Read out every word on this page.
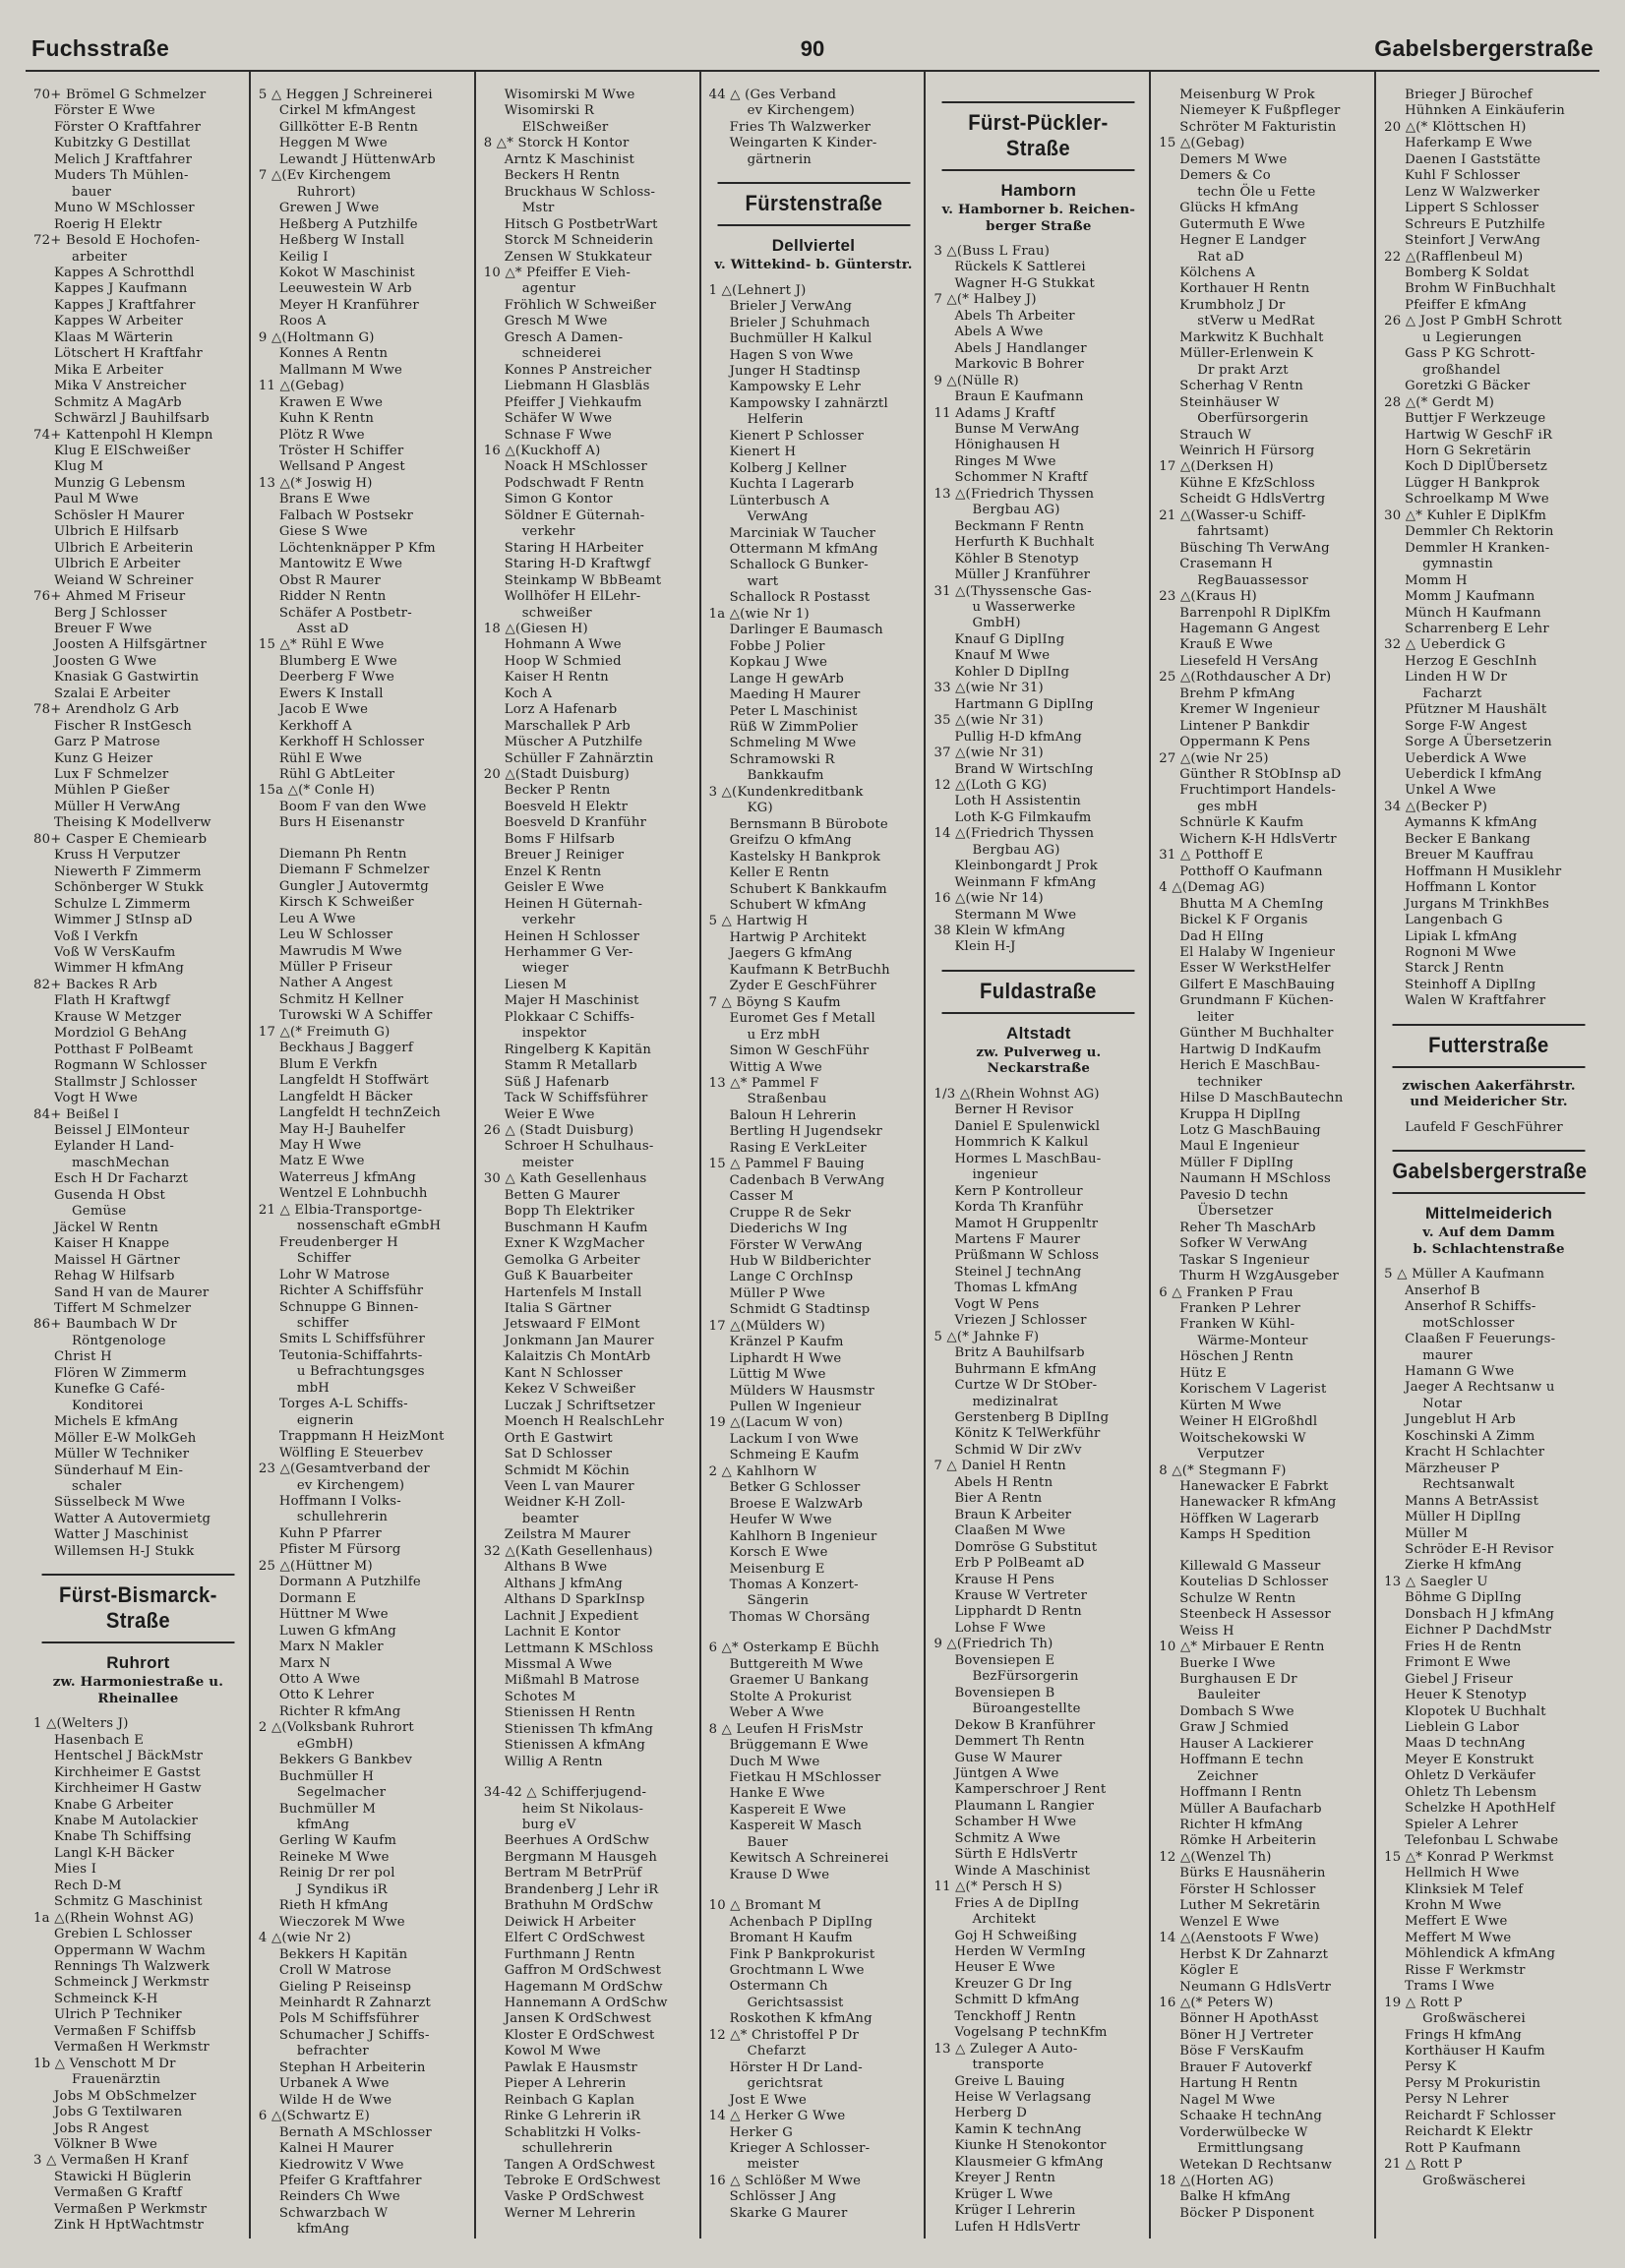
Fuchsstraße	90	Gabelsbergerstraße
70+ Brömel G Schmelzer
Förster E Wwe
Förster O Kraftfahrer
Kubitzky G Destillat
Melich J Kraftfahrer
Muders Th Mühlen-
bauer
Muno W MSchlosser
Roerig H Elektr
72+ Besold E Hochofen-
arbeiter
Kappes A Schrotthdl
Kappes J Kaufmann
Kappes J Kraftfahrer
Kappes W Arbeiter
Klaas M Wärterin
Lötschert H Kraftfahr
Mika E Arbeiter
Mika V Anstreicher
Schmitz A MagArb
Schwärzl J Bauhilfsarb
74+ Kattenpohl H Klempn
Klug E ElSchweißer
Klug M
Munzig G Lebensm
Paul M Wwe
Schösler H Maurer
Ulbrich E Hilfsarb
Ulbrich E Arbeiterin
Ulbrich E Arbeiter
Weiand W Schreiner
76+ Ahmed M Friseur
Berg J Schlosser
Breuer F Wwe
Joosten A Hilfsgärtner
Joosten G Wwe
Knasiak G Gastwirtin
Szalai E Arbeiter
78+ Arendholz G Arb
Fischer R InstGesch
Garz P Matrose
Kunz G Heizer
Lux F Schmelzer
Mühlen P Gießer
Müller H VerwAng
Theising K Modellverw
80+ Casper E Chemiearb
Kruss H Verputzer
Niewerth F Zimmerm
Schönberger W Stukk
Schulze L Zimmerm
Wimmer J StInsp aD
Voß I Verkfn
Voß W VersKaufm
Wimmer H kfmAng
82+ Backes R Arb
Flath H Kraftwgf
Krause W Metzger
Mordziol G BehAng
Potthast F PolBeamt
Rogmann W Schlosser
Stallmstr J Schlosser
Vogt H Wwe
84+ Beißel I
Beissel J ElMonteur
Eylander H Land-
maschMechan
Esch H Dr Facharzt
Gusenda H Obst
Gemüse
Jäckel W Rentn
Kaiser H Knappe
Maissel H Gärtner
Rehag W Hilfsarb
Sand H van de Maurer
Tiffert M Schmelzer
86+ Baumbach W Dr
Röntgenologe
Christ H
Flören W Zimmerm
Kunefke G Café-
Konditorei
Michels E kfmAng
Möller E-W MolkGeh
Müller W Techniker
Sünderhauf M Ein-
schaler
Süsselbeck M Wwe
Watter A Autovermietg
Watter J Maschinist
Willemsen H-J Stukk
Fürst-Bismarck-Straße
Ruhrort
zw. Harmoniestraße u.
Rheinallee
1 △(Welters J)
Hasenbach E
Hentschel J BäckMstr
Kirchheimer E Gastst
Kirchheimer H Gastw
Knabe G Arbeiter
Knabe M Autolackier
Knabe Th Schiffsing
Langl K-H Bäcker
Mies I
Rech D-M
Schmitz G Maschinist
1a △(Rhein Wohnst AG)
Grebien L Schlosser
Oppermann W Wachm
Rennings Th Walzwerk
Schmeinck J Werkmstr
Schmeinck K-H
Ulrich P Techniker
Vermaßen F Schiffsb
Vermaßen H Werkmstr
1b △ Venschott M Dr
Frauenärztin
Jobs M ObSchmelzer
Jobs G Textilwaren
Jobs R Angest
Völkner B Wwe
3 △ Vermaßen H Kranf
Stawicki H Büglerin
Vermaßen G Kraftf
Vermaßen P Werkmstr
Zink H HptWachtmstr
5 △ Heggen J Schreinerei
Cirkel M kfmAngest
Gillkötter E-B Rentn
Heggen M Wwe
Lewandt J HüttenwArb
7 △(Ev Kirchengem
Ruhrort)
Grewen J Wwe
Heßberg A Putzhilfe
Heßberg W Install
Keilig I
Kokot W Maschinist
Leeuwestein W Arb
Meyer H Kranführer
Roos A
9 △(Holtmann G)
Konnes A Rentn
Mallmann M Wwe
11 △(Gebag)
Krawen E Wwe
Kuhn K Rentn
Plötz R Wwe
Tröster H Schiffer
Wellsand P Angest
13 △(* Joswig H)
Brans E Wwe
Falbach W Postsekr
Giese S Wwe
Löchtenknäpper P Kfm
Mantowitz E Wwe
Obst R Maurer
Ridder N Rentn
Schäfer A Postbetr-
Asst aD
15 △* Rühl E Wwe
Blumberg E Wwe
Deerberg F Wwe
Ewers K Install
Jacob E Wwe
Kerkhoff A
Kerkhoff H Schlosser
Rühl E Wwe
Rühl G AbtLeiter
15a △(* Conle H)
Boom F van den Wwe
Burs H Eisenanstr
Diemann Ph Rentn
Diemann F Schmelzer
Gungler J Autovermtg
Kirsch K Schweißer
Leu A Wwe
Leu W Schlosser
Mawrudis M Wwe
Müller P Friseur
Nather A Angest
Schmitz H Kellner
Turowski W A Schiffer
17 △(* Freimuth G)
Beckhaus J Baggerf
Blum E Verkfn
Langfeldt H Stoffwärt
Langfeldt H Bäcker
Langfeldt H technZeich
May H-J Bauhelfer
May H Wwe
Matz E Wwe
Waterreus J kfmAng
Wentzel E Lohnbuchh
21 △ Elbia-Transportge-
nossenschaft eGmbH
Freudenberger H
Schiffer
Lohr W Matrose
Richter A Schiffsführ
Schnuppe G Binnen-
schiffer
Smits L Schiffsführer
Teutonia-Schiffahrts-
u Befrachtungsges
mbH
Torges A-L Schiffs-
eignerin
Trappmann H HeizMont
Wölfling E Steuerbev
23 △(Gesamtverband der
ev Kirchengem)
Hoffmann I Volks-
schullehrerin
Kuhn P Pfarrer
Pfister M Fürsorg
25 △(Hüttner M)
Dormann A Putzhilfe
Dormann E
Hüttner M Wwe
Luwen G kfmAng
Marx N Makler
Marx N
Otto A Wwe
Otto K Lehrer
Richter R kfmAng
2 △(Volksbank Ruhrort
eGmbH)
Bekkers G Bankbev
Buchmüller H
Segelmacher
Buchmüller M
kfmAng
Gerling W Kaufm
Reineke M Wwe
Reinig Dr rer pol
J Syndikus iR
Rieth H kfmAng
Wieczorek M Wwe
4 △(wie Nr 2)
Bekkers H Kapitän
Croll W Matrose
Gieling P Reiseinsp
Meinhardt R Zahnarzt
Pols M Schiffsführer
Schumacher J Schiffs-
befrachter
Stephan H Arbeiterin
Urbanek A Wwe
Wilde H de Wwe
6 △(Schwartz E)
Bernath A MSchlosser
Kalnei H Maurer
Kiedrowitz V Wwe
Pfeifer G Kraftfahrer
Reinders Ch Wwe
Schwarzbach W
kfmAng
Wisomirski M Wwe
Wisomirski R
ElSchweißer
8 △* Storck H Kontor
Arntz K Maschinist
Beckers H Rentn
Bruckhaus W Schloss-
Mstr
Hitsch G PostbetrWart
Storck M Schneiderin
Zensen W Stukkateur
10 △* Pfeiffer E Vieh-
agentur
Fröhlich W Schweißer
Gresch M Wwe
Gresch A Damen-
schneiderei
Konnes P Anstreicher
Liebmann H Glasbläs
Pfeiffer J Viehkaufm
Schäfer W Wwe
Schnase F Wwe
16 △(Kuckhoff A)
Noack H MSchlosser
Podschwadt F Rentn
Simon G Kontor
Söldner E Güternah-
verkehr
Staring H HArbeiter
Staring H-D Kraftwgf
Steinkamp W BbBeamt
Wollhöfer H ElLehr-
schweißer
18 △(Giesen H)
Hohmann A Wwe
Hoop W Schmied
Kaiser H Rentn
Koch A
Lorz A Hafenarb
Marschallek P Arb
Müscher A Putzhilfe
Schüller F Zahnärztin
20 △(Stadt Duisburg)
Becker P Rentn
Boesveld H Elektr
Boesveld D Kranführ
Boms F Hilfsarb
Breuer J Reiniger
Enzel K Rentn
Geisler E Wwe
Heinen H Güternah-
verkehr
Heinen H Schlosser
Herhammer G Ver-
wieger
Liesen M
Majer H Maschinist
Plokkaar C Schiffs-
inspektor
Ringelberg K Kapitän
Stamm R Metallarb
Süß J Hafenarb
Tack W Schiffsführer
Weier E Wwe
26 △ (Stadt Duisburg)
Schroer H Schulhaus-
meister
30 △ Kath Gesellenhaus
Betten G Maurer
Bopp Th Elektriker
Buschmann H Kaufm
Exner K WzgMacher
Gemolka G Arbeiter
Guß K Bauarbeiter
Hartenfels M Install
Italia S Gärtner
Jetswaard F ElMont
Jonkmann Jan Maurer
Kalaitzis Ch MontArb
Kant N Schlosser
Kekez V Schweißer
Luczak J Schriftsetzer
Moench H RealschLehr
Orth E Gastwirt
Sat D Schlosser
Schmidt M Köchin
Veen L van Maurer
Weidner K-H Zoll-
beamter
Zeilstra M Maurer
32 △(Kath Gesellenhaus)
Althans B Wwe
Althans J kfmAng
Althans D SparkInsp
Lachnit J Expedient
Lachnit E Kontor
Lettmann K MSchloss
Missmal A Wwe
Mißmahl B Matrose
Schotes M
Stienissen H Rentn
Stienissen Th kfmAng
Stienissen A kfmAng
Willig A Rentn
34-42 △ Schifferjugend-
heim St Nikolaus-
burg eV
Beerhues A OrdSchw
Bergmann M Hausgeh
Bertram M BetrPrüf
Brandenberg J Lehr iR
Brathuhn M OrdSchw
Deiwick H Arbeiter
Elfert C OrdSchwest
Furthmann J Rentn
Gaffron M OrdSchwest
Hagemann M OrdSchw
Hannemann A OrdSchw
Jansen K OrdSchwest
Kloster E OrdSchwest
Kowol M Wwe
Pawlak E Hausmstr
Pieper A Lehrerin
Reinbach G Kaplan
Rinke G Lehrerin iR
Schablitzki H Volks-
schullehrerin
Tangen A OrdSchwest
Tebroke E OrdSchwest
Vaske P OrdSchwest
Werner M Lehrerin
44 △ (Ges Verband
ev Kirchengem)
Fries Th Walzwerker
Weingarten K Kinder-
gärtnerin
Fürstenstraße
Dellviertel
v. Wittekind- b. Günterstr.
1 △(Lehnert J)
Brieler J VerwAng
Brieler J Schuhmach
Buchmüller H Kalkul
Hagen S von Wwe
Junger H Stadtinsp
Kampowsky E Lehr
Kampowsky I zahnärztl
Helferin
Kienert P Schlosser
Kienert H
Kolberg J Kellner
Kuchta I Lagerarb
Lünterbusch A
VerwAng
Marciniak W Taucher
Ottermann M kfmAng
Schallock G Bunker-
wart
Schallock R Postasst
1a △(wie Nr 1)
Darlinger E Baumasch
Fobbe J Polier
Kopkau J Wwe
Lange H gewArb
Maeding H Maurer
Peter L Maschinist
Rüß W ZimmPolier
Schmeling M Wwe
Schramowski R
Bankkaufm
3 △(Kundenkreditbank
KG)
Bernsmann B Bürobote
Greifzu O kfmAng
Kastelsky H Bankprok
Keller E Rentn
Schubert K Bankkaufm
Schubert W kfmAng
5 △ Hartwig H
Hartwig P Architekt
Jaegers G kfmAng
Kaufmann K BetrBuchh
Zyder E GeschFührer
7 △ Böyng S Kaufm
Euromet Ges f Metall
u Erz mbH
Simon W GeschFühr
Wittig A Wwe
13 △* Pammel F
Straßenbau
Baloun H Lehrerin
Bertling H Jugendsekr
Rasing E VerkLeiter
15 △ Pammel F Bauing
Cadenbach B VerwAng
Casser M
Cruppe R de Sekr
Diederichs W Ing
Förster W VerwAng
Hub W Bildberichter
Lange C OrchInsp
Müller P Wwe
Schmidt G Stadtinsp
17 △(Mülders W)
Kränzel P Kaufm
Liphardt H Wwe
Lüttig M Wwe
Mülders W Hausmstr
Pullen W Ingenieur
19 △(Lacum W von)
Lackum I von Wwe
Schmeing E Kaufm
2 △ Kahlhorn W
Betker G Schlosser
Broese E WalzwArb
Heufer W Wwe
Kahlhorn B Ingenieur
Korsch E Wwe
Meisenburg E
Thomas A Konzert-
Sängerin
Thomas W Chorsäng
6 △* Osterkamp E Büchh
Buttgereith M Wwe
Graemer U Bankang
Stolte A Prokurist
Weber A Wwe
8 △ Leufen H FrisMstr
Brüggemann E Wwe
Duch M Wwe
Fietkau H MSchlosser
Hanke E Wwe
Kaspereit E Wwe
Kaspereit W Masch
Bauer
Kewitsch A Schreinerei
Krause D Wwe
10 △ Bromant M
Achenbach P DiplIng
Bromant H Kaufm
Fink P Bankprokurist
Grochtmann L Wwe
Ostermann Ch
Gerichtsassist
Roskothen K kfmAng
12 △* Christoffel P Dr
Chefarzt
Hörster H Dr Land-
gerichtsrat
Jost E Wwe
14 △ Herker G Wwe
Herker G
Krieger A Schlosser-
meister
16 △ Schlößer M Wwe
Schlösser J Ang
Skarke G Maurer
Fürst-Pückler-Straße
Hamborn
v. Hamborner b. Reichen-
berger Straße
3 △(Buss L Frau)
Rückels K Sattlerei
Wagner H-G Stukkat
7 △(* Halbey J)
Abels Th Arbeiter
Abels A Wwe
Abels J Handlanger
Markovic B Bohrer
9 △(Nülle R)
Braun E Kaufmann
11 Adams J Kraftf
Bunse M VerwAng
Hönighausen H
Ringes M Wwe
Schommer N Kraftf
13 △(Friedrich Thyssen
Bergbau AG)
Beckmann F Rentn
Herfurth K Buchhalt
Köhler B Stenotyp
Müller J Kranführer
31 △(Thyssensche Gas-
u Wasserwerke
GmbH)
Knauf G DiplIng
Knauf M Wwe
Kohler D DiplIng
33 △(wie Nr 31)
Hartmann G DiplIng
35 △(wie Nr 31)
Pullig H-D kfmAng
37 △(wie Nr 31)
Brand W WirtschIng
12 △(Loth G KG)
Loth H Assistentin
Loth K-G Filmkaufm
14 △(Friedrich Thyssen
Bergbau AG)
Kleinbongardt J Prok
Weinmann F kfmAng
16 △(wie Nr 14)
Stermann M Wwe
38 Klein W kfmAng
Klein H-J
Fuldastraße
Altstadt
zw. Pulverweg u.
Neckarstraße
1/3 △(Rhein Wohnst AG)
Berner H Revisor
Daniel E Spulenwickl
Hommrich K Kalkul
Hormes L MaschBau-
ingenieur
Kern P Kontrolleur
Korda Th Kranführ
Mamot H Gruppenltr
Martens F Maurer
Prüßmann W Schloss
Steinel J technAng
Thomas L kfmAng
Vogt W Pens
Vriezen J Schlosser
5 △(* Jahnke F)
Britz A Bauhilfsarb
Buhrmann E kfmAng
Curtze W Dr StOber-
medizinalrat
Gerstenberg B DiplIng
Könitz K TelWerkführ
Schmid W Dir zWv
7 △ Daniel H Rentn
Abels H Rentn
Bier A Rentn
Braun K Arbeiter
Claaßen M Wwe
Domröse G Substitut
Erb P PolBeamt aD
Krause H Pens
Krause W Vertreter
Lipphardt D Rentn
Lohse F Wwe
9 △(Friedrich Th)
Bovensiepen E
BezFürsorgerin
Bovensiepen B
Büroangestellte
Dekow B Kranführer
Demmert Th Rentn
Guse W Maurer
Jüntgen A Wwe
Kamperschroer J Rent
Plaumann L Rangier
Schamber H Wwe
Schmitz A Wwe
Sürth E HdlsVertr
Winde A Maschinist
11 △(* Persch H S)
Fries A de DiplIng
Architekt
Goj H Schweißing
Herden W VermIng
Heuser E Wwe
Kreuzer G Dr Ing
Schmitt D kfmAng
Tenckhoff J Rentn
Vogelsang P technKfm
13 △ Zuleger A Auto-
transporte
Greive L Bauing
Heise W Verlagsang
Herberg D
Kamin K technAng
Kiunke H Stenokontor
Klausmeier G kfmAng
Kreyer J Rentn
Krüger L Wwe
Krüger I Lehrerin
Lufen H HdlsVertr
Meisenburg W Prok
Niemeyer K Fußpfleger
Schröter M Fakturistin
15 △(Gebag)
Demers M Wwe
Demers & Co
techn Öle u Fette
Glücks H kfmAng
Gutermuth E Wwe
Hegner E Landger
Rat aD
Kölchens A
Korthauer H Rentn
Krumbholz J Dr
stVerw u MedRat
Markwitz K Buchhalt
Müller-Erlenwein K
Dr prakt Arzt
Scherhag V Rentn
Steinhäuser W
Oberfürsorgerin
Strauch W
Weinrich H Fürsorg
17 △(Derksen H)
Kühne E KfzSchloss
Scheidt G HdlsVertrg
21 △(Wasser-u Schiff-
fahrtsamt)
Büsching Th VerwAng
Crasemann H
RegBauassessor
23 △(Kraus H)
Barrenpohl R DiplKfm
Hagemann G Angest
Krauß E Wwe
Liesefeld H VersAng
25 △(Rothdauscher A Dr)
Brehm P kfmAng
Kremer W Ingenieur
Lintener P Bankdir
Oppermann K Pens
27 △(wie Nr 25)
Günther R StObInsp aD
Fruchtimport Handels-
ges mbH
Schnürle K Kaufm
Wichern K-H HdlsVertr
31 △ Potthoff E
Potthoff O Kaufmann
4 △(Demag AG)
Bhutta M A ChemIng
Bickel K F Organis
Dad H ElIng
El Halaby W Ingenieur
Esser W WerkstHelfer
Gilfert E MaschBauing
Grundmann F Küchen-
leiter
Günther M Buchhalter
Hartwig D IndKaufm
Herich E MaschBau-
techniker
Hilse D MaschBautechn
Kruppa H DiplIng
Lotz G MaschBauing
Maul E Ingenieur
Müller F DiplIng
Naumann H MSchloss
Pavesio D techn
Übersetzer
Reher Th MaschArb
Sofker W VerwAng
Taskar S Ingenieur
Thurm H WzgAusgeber
6 △ Franken P Frau
Franken P Lehrer
Franken W Kühl-
Wärme-Monteur
Höschen J Rentn
Hütz E
Korischem V Lagerist
Kürten M Wwe
Weiner H ElGroßhdl
Woitschekowski W
Verputzer
8 △(* Stegmann F)
Hanewacker E Fabrkt
Hanewacker R kfmAng
Höffken W Lagerarb
Kamps H Spedition
Killewald G Masseur
Koutelias D Schlosser
Schulze W Rentn
Steenbeck H Assessor
Weiss H
10 △* Mirbauer E Rentn
Buerke I Wwe
Burghausen E Dr
Bauleiter
Dombach S Wwe
Graw J Schmied
Hauser A Lackierer
Hoffmann E techn
Zeichner
Hoffmann I Rentn
Müller A Baufacharb
Richter H kfmAng
Römke H Arbeiterin
12 △(Wenzel Th)
Bürks E Hausnäherin
Förster H Schlosser
Luther M Sekretärin
Wenzel E Wwe
14 △(Aenstoots F Wwe)
Herbst K Dr Zahnarzt
Kögler E
Neumann G HdlsVertr
16 △(* Peters W)
Bönner H ApothAsst
Böner H J Vertreter
Böse F VersKaufm
Brauer F Autoverkf
Hartung H Rentn
Nagel M Wwe
Schaake H technAng
Vorderwülbecke W
Ermittlungsang
Wetekan D Rechtsanw
18 △(Horten AG)
Balke H kfmAng
Böcker P Disponent
Brieger J Bürochef
Hühnken A Einkäuferin
20 △(* Klöttschen H)
Haferkamp E Wwe
Daenen I Gaststätte
Kuhl F Schlosser
Lenz W Walzwerker
Lippert S Schlosser
Schreurs E Putzhilfe
Steinfort J VerwAng
22 △(Rafflenbeul M)
Bomberg K Soldat
Brohm W FinBuchhalt
Pfeiffer E kfmAng
26 △ Jost P GmbH Schrott
u Legierungen
Gass P KG Schrott-
großhandel
Goretzki G Bäcker
28 △(* Gerdt M)
Buttjer F Werkzeuge
Hartwig W GeschF iR
Horn G Sekretärin
Koch D DiplÜbersetz
Lügger H Bankprok
Schroelkamp M Wwe
30 △* Kuhler E DiplKfm
Demmler Ch Rektorin
Demmler H Kranken-
gymnastin
Momm H
Momm J Kaufmann
Münch H Kaufmann
Scharrenberg E Lehr
32 △ Ueberdick G
Herzog E GeschInh
Linden H W Dr
Facharzt
Pfützner M Haushält
Sorge F-W Angest
Sorge A Übersetzerin
Ueberdick A Wwe
Ueberdick I kfmAng
Unkel A Wwe
34 △(Becker P)
Aymanns K kfmAng
Becker E Bankang
Breuer M Kauffrau
Hoffmann H Musiklehr
Hoffmann L Kontor
Jurgans M TrinkhBes
Langenbach G
Lipiak L kfmAng
Rognoni M Wwe
Starck J Rentn
Steinhoff A DiplIng
Walen W Kraftfahrer
Futterstraße
zwischen Aakerfährstr.
und Meidericher Str.
Laufeld F GeschFührer
Gabelsbergerstraße
Mittelmeiderich
v. Auf dem Damm
b. Schlachtenstraße
5 △ Müller A Kaufmann
Anserhof B
Anserhof R Schiffs-
motSchlosser
Claaßen F Feuerungs-
maurer
Hamann G Wwe
Jaeger A Rechtsanw u
Notar
Jungeblut H Arb
Koschinski A Zimm
Kracht H Schlachter
Märzheuser P
Rechtsanwalt
Manns A BetrAssist
Müller H DiplIng
Müller M
Schröder E-H Revisor
Zierke H kfmAng
13 △ Saegler U
Böhme G DiplIng
Donsbach H J kfmAng
Eichner P DachdMstr
Fries H de Rentn
Frimont E Wwe
Giebel J Friseur
Heuer K Stenotyp
Klopotek U Buchhalt
Lieblein G Labor
Maas D technAng
Meyer E Konstrukt
Ohletz D Verkäufer
Ohletz Th Lebensm
Schelzke H ApothHelf
Spieler A Lehrer
Telefonbau L Schwabe
15 △* Konrad P Werkmst
Hellmich H Wwe
Klinksiek M Telef
Krohn M Wwe
Meffert E Wwe
Meffert M Wwe
Möhlendick A kfmAng
Risse F Werkmstr
Trams I Wwe
19 △ Rott P
Großwäscherei
Frings H kfmAng
Korthäuser H Kaufm
Persy K
Persy M Prokuristin
Persy N Lehrer
Reichardt F Schlosser
Reichardt K Elektr
Rott P Kaufmann
21 △ Rott P
Großwäscherei
